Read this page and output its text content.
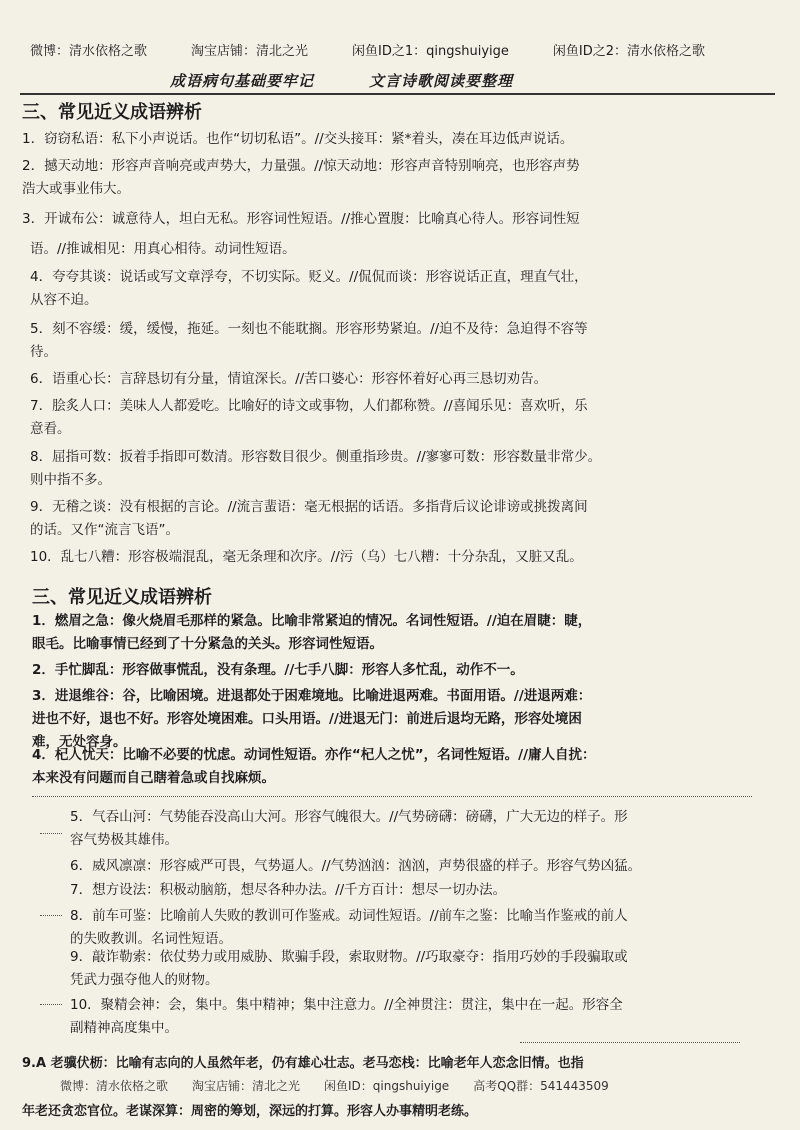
微博：清水依格之歌	淘宝店铺：清北之光	闲鱼ID之1：qingshuiyige	闲鱼ID之2：清水依格之歌
成语病句基础要牢记	文言诗歌阅读要整理
三、常见近义成语辨析
1．窃窃私语：私下小声说话。也作“切切私语”。//交头接耳：紧*着头，凑在耳边低声说话。
2．撼天动地：形容声音响亮或声势大，力量强。//惊天动地：形容声音特别响亮，也形容声势
浩大或事业伟大。
3．开诚布公：诚意待人，坦白无私。形容词性短语。//推心置腹：比喻真心待人。形容词性短
语。//推诚相见：用真心相待。动词性短语。
4．夸夸其谈：说话或写文章浮夸，不切实际。贬义。//侃侃而谈：形容说话正直，理直气壮，
从容不迫。
5．刻不容缓：缓，缓慢，拖延。一刻也不能耽搁。形容形势紧迫。//迫不及待：急迫得不容等
待。
6．语重心长：言辞恳切有分量，情谊深长。//苦口婆心：形容怀着好心再三恳切劝告。
7．脍炙人口：美味人人都爱吃。比喻好的诗文或事物，人们都称赞。//喜闻乐见：喜欢听，乐
意看。
8．屈指可数：扳着手指即可数清。形容数目很少。侧重指珍贵。//寥寥可数：形容数量非常少。
则中指不多。
9．无稽之谈：没有根据的言论。//流言蜚语：毫无根据的话语。多指背后议论诽谤或挑拨离间
的话。又作“流言飞语”。
10．乱七八糟：形容极端混乱，毫无条理和次序。//污（乌）七八糟：十分杂乱，又脏又乱。
三、常见近义成语辨析
1．燃眉之急：像火烧眉毛那样的紧急。比喻非常紧迫的情况。名词性短语。//迫在眉睫：睫，
眼毛。比喻事情已经到了十分紧急的关头。形容词性短语。
2．手忙脚乱：形容做事慌乱，没有条理。//七手八脚：形容人多忙乱，动作不一。
3．进退维谷：谷，比喻困境。进退都处于困难境地。比喻进退两难。书面用语。//进退两难：
进也不好，退也不好。形容处境困难。口头用语。//进退无门：前进后退均无路，形容处境困
难，无处容身。
4．杞人忧天：比喻不必要的忧虑。动词性短语。亦作“杞人之忧”，名词性短语。//庸人自扰：
本来没有问题而自己瞎着急或自找麻烦。
5．气吞山河：气势能吞没高山大河。形容气魄很大。//气势磅礴：磅礴，广大无边的样子。形
容气势极其雄伟。
6．威风凛凛：形容威严可畏，气势逼人。//气势汹汹：汹汹，声势很盛的样子。形容气势凶猛。
7．想方设法：积极动脑筋，想尽各种办法。//千方百计：想尽一切办法。
8．前车可鉴：比喻前人失败的教训可作鉴戒。动词性短语。//前车之鉴：比喻当作鉴戒的前人
的失败教训。名词性短语。
9．敲诈勒索：依仗势力或用威胁、欺骗手段，索取财物。//巧取豪夺：指用巧妙的手段骗取或
凭武力强夺他人的财物。
10．聚精会神：会，集中。集中精神；集中注意力。//全神贯注：贯注，集中在一起。形容全
副精神高度集中。
9.A 老骥伏枥：比喻有志向的人虽然年老，仍有雄心壮志。老马恋栈：比喻老年人恋念旧情。也指
年老还贪恋官位。老谋深算：周密的筹划，深远的打算。形容人办事精明老练。
微博：清水依格之歌　　淘宝店铺：清北之光　　闲鱼ID：qingshuiyige　　高考QQ群：541443509
